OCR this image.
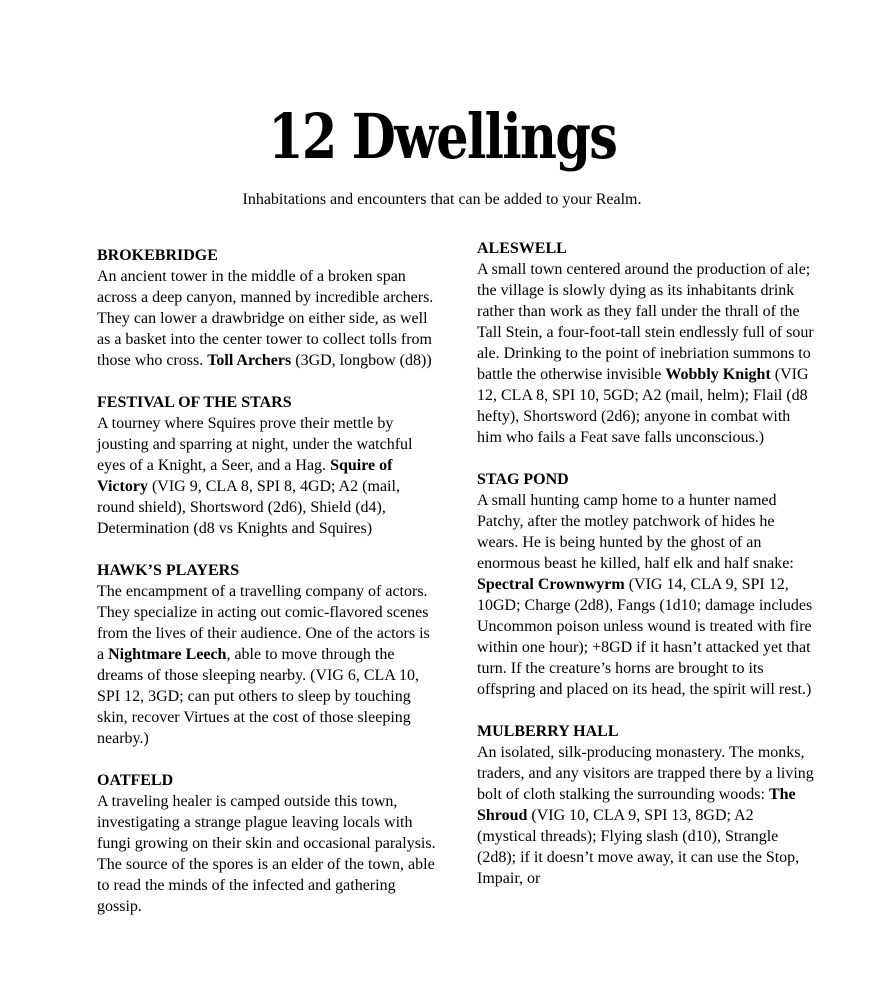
12 Dwellings

Inhabitations and encounters that can be added to your Realm.

BROKEBRIDGE

An ancient tower in the middle of a broken span across a deep canyon, manned by incredible archers. They can lower a drawbridge on either side, as well as a basket into the center tower to collect tolls from those who cross. Toll Archers (3GD, longbow (d8))

FESTIVAL OF THE STARS

A tourney where Squires prove their mettle by jousting and sparring at night, under the watchful eyes of a Knight, a Seer, and a Hag. Squire of Victory (VIG 9, CLA 8, SPI 8, 4GD; A2 (mail, round shield), Shortsword (2d6), Shield (d4), Determination (d8 vs Knights and Squires)

HAWK’S PLAYERS

The encampment of a travelling company of actors. They specialize in acting out comic-flavored scenes from the lives of their audience. One of the actors is a Nightmare Leech, able to move through the dreams of those sleeping nearby. (VIG 6, CLA 10, SPI 12, 3GD; can put others to sleep by touching skin, recover Virtues at the cost of those sleeping nearby.)

OATFELD

A traveling healer is camped outside this town, investigating a strange plague leaving locals with fungi growing on their skin and occasional paralysis. The source of the spores is an elder of the town, able to read the minds of the infected and gathering gossip.

ALESWELL

A small town centered around the production of ale; the village is slowly dying as its inhabitants drink rather than work as they fall under the thrall of the Tall Stein, a four-foot-tall stein endlessly full of sour ale. Drinking to the point of inebriation summons to battle the otherwise invisible Wobbly Knight (VIG 12, CLA 8, SPI 10, 5GD; A2 (mail, helm); Flail (d8 hefty), Shortsword (2d6); anyone in combat with him who fails a Feat save falls unconscious.)

STAG POND

A small hunting camp home to a hunter named Patchy, after the motley patchwork of hides he wears. He is being hunted by the ghost of an enormous beast he killed, half elk and half snake: Spectral Crownwyrm (VIG 14, CLA 9, SPI 12, 10GD; Charge (2d8), Fangs (1d10; damage includes Uncommon poison unless wound is treated with fire within one hour); +8GD if it hasn’t attacked yet that turn. If the creature’s horns are brought to its offspring and placed on its head, the spirit will rest.)

MULBERRY HALL

An isolated, silk-producing monastery. The monks, traders, and any visitors are trapped there by a living bolt of cloth stalking the surrounding woods: The Shroud (VIG 10, CLA 9, SPI 13, 8GD; A2 (mystical threads); Flying slash (d10), Strangle (2d8); if it doesn’t move away, it can use the Stop, Impair, or
